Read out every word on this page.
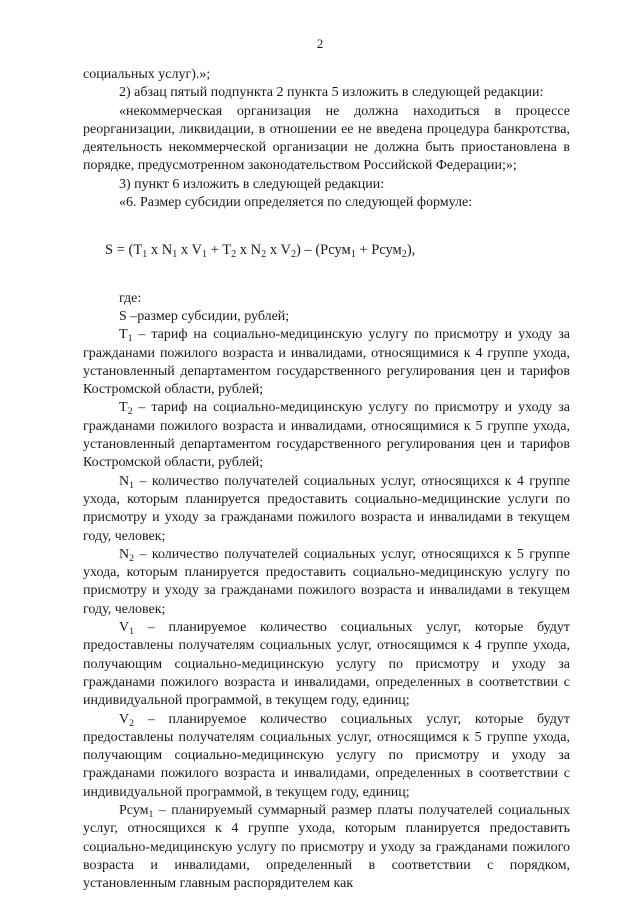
2

социальных услуг).»;

2) абзац пятый подпункта 2 пункта 5 изложить в следующей редакции:

«некоммерческая организация не должна находиться в процессе реорганизации, ликвидации, в отношении ее не введена процедура банкротства, деятельность некоммерческой организации не должна быть приостановлена в порядке, предусмотренном законодательством Российской Федерации;»;

3) пункт 6 изложить в следующей редакции:

«6. Размер субсидии определяется по следующей формуле:

$S = (T_1$ x $N_1$ x $V_1 + T_2$ x $N_2$ x $V_2$) – (Рсум$_1$ + Рсум$_2$),

где:

S –размер субсидии, рублей;

$T_1$ – тариф на социально-медицинскую услугу по присмотру и уходу за гражданами пожилого возраста и инвалидами, относящимися к 4 группе ухода, установленный департаментом государственного регулирования цен и тарифов Костромской области, рублей;

$T_2$ – тариф на социально-медицинскую услугу по присмотру и уходу за гражданами пожилого возраста и инвалидами, относящимися к 5 группе ухода, установленный департаментом государственного регулирования цен и тарифов Костромской области, рублей;

$N_1$ – количество получателей социальных услуг, относящихся к 4 группе ухода, которым планируется предоставить социально-медицинские услуги по присмотру и уходу за гражданами пожилого возраста и инвалидами в текущем году, человек;

$N_2$ – количество получателей социальных услуг, относящихся к 5 группе ухода, которым планируется предоставить социально-медицинскую услугу по присмотру и уходу за гражданами пожилого возраста и инвалидами в текущем году, человек;

$V_1$ – планируемое количество социальных услуг, которые будут предоставлены получателям социальных услуг, относящимся к 4 группе ухода, получающим социально-медицинскую услугу по присмотру и уходу за гражданами пожилого возраста и инвалидами, определенных в соответствии с индивидуальной программой, в текущем году, единиц;

$V_2$ – планируемое количество социальных услуг, которые будут предоставлены получателям социальных услуг, относящимся к 5 группе ухода, получающим социально-медицинскую услугу по присмотру и уходу за гражданами пожилого возраста и инвалидами, определенных в соответствии с индивидуальной программой, в текущем году, единиц;

Рсум$_1$ – планируемый суммарный размер платы получателей социальных услуг, относящихся к 4 группе ухода, которым планируется предоставить социально-медицинскую услугу по присмотру и уходу за гражданами пожилого возраста и инвалидами, определенный в соответствии с порядком, установленным главным распорядителем как
